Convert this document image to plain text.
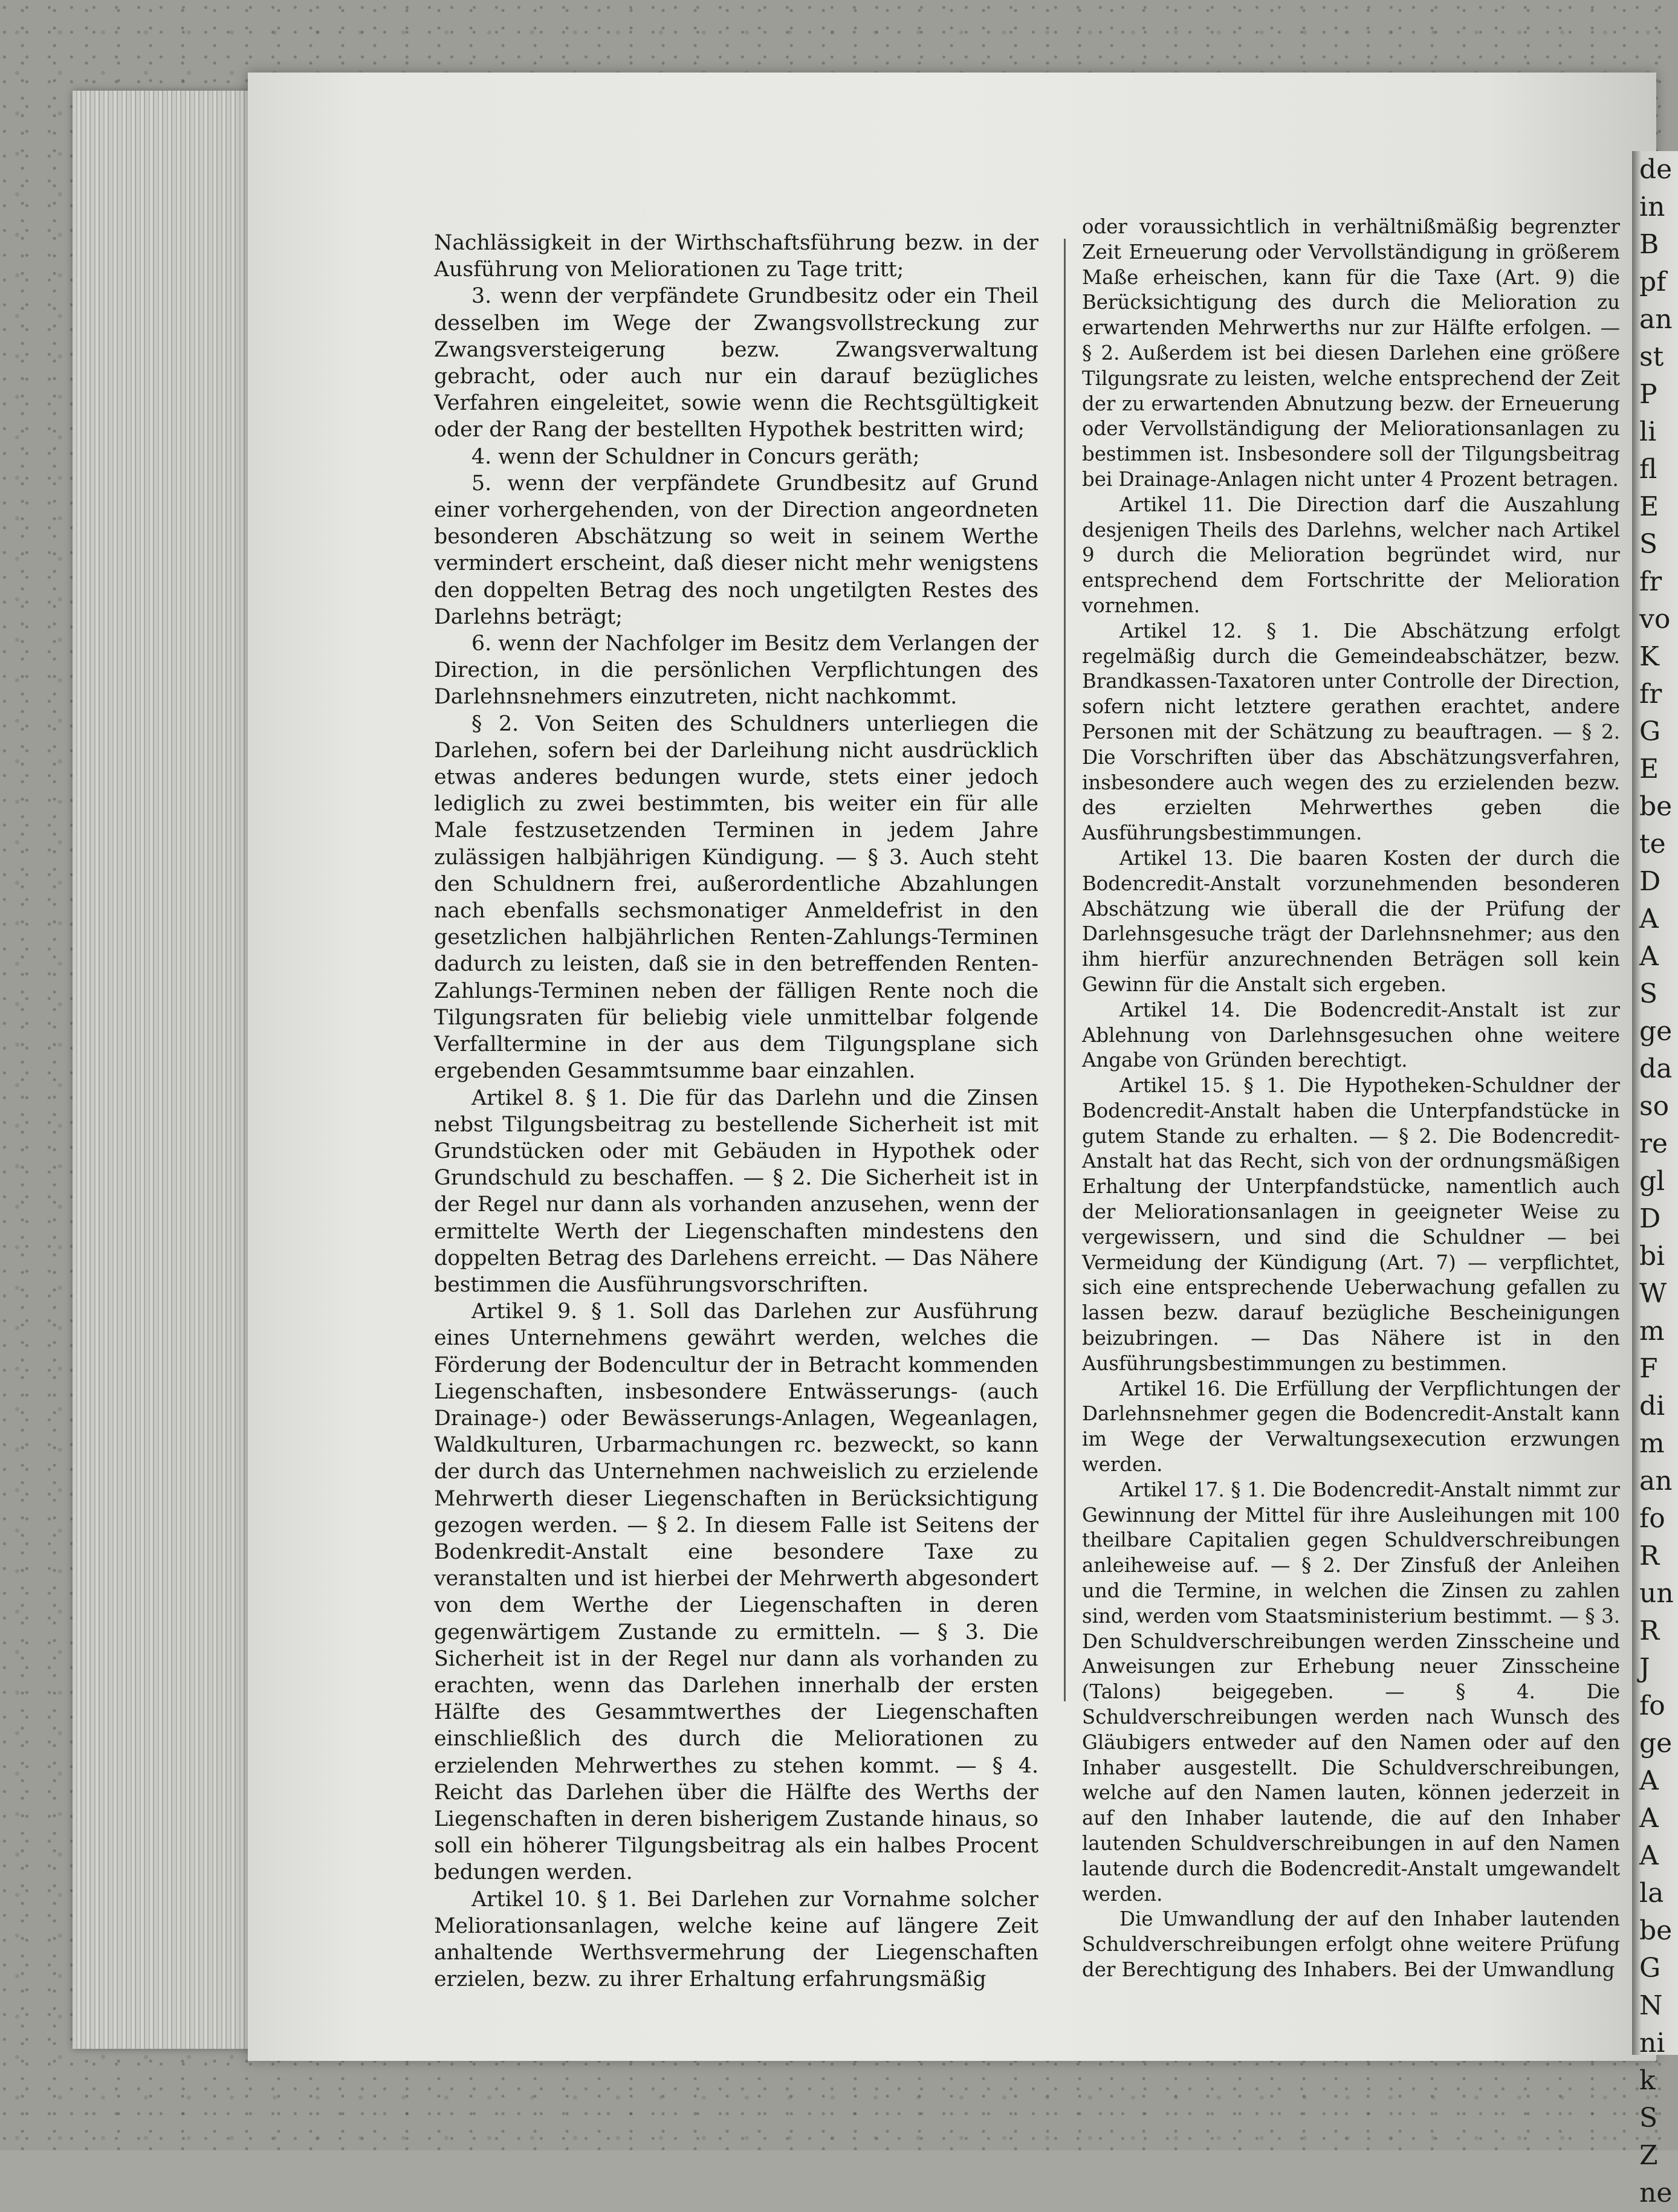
Nachlässigkeit in der Wirthschaftsführung bezw. in der Ausführung von Meliorationen zu Tage tritt;

3. wenn der verpfändete Grundbesitz oder ein Theil desselben im Wege der Zwangsvollstreckung zur Zwangsversteigerung bezw. Zwangsverwaltung gebracht, oder auch nur ein darauf bezügliches Verfahren eingeleitet, sowie wenn die Rechtsgültigkeit oder der Rang der bestellten Hypothek bestritten wird;

4. wenn der Schuldner in Concurs geräth;

5. wenn der verpfändete Grundbesitz auf Grund einer vorhergehenden, von der Direction angeordneten besonderen Abschätzung so weit in seinem Werthe vermindert erscheint, daß dieser nicht mehr wenigstens den doppelten Betrag des noch ungetilgten Restes des Darlehns beträgt;

6. wenn der Nachfolger im Besitz dem Verlangen der Direction, in die persönlichen Verpflichtungen des Darlehnsnehmers einzutreten, nicht nachkommt.

§ 2. Von Seiten des Schuldners unterliegen die Darlehen, sofern bei der Darleihung nicht ausdrücklich etwas anderes bedungen wurde, stets einer jedoch lediglich zu zwei bestimmten, bis weiter ein für alle Male festzusetzenden Terminen in jedem Jahre zulässigen halbjährigen Kündigung. — § 3. Auch steht den Schuldnern frei, außerordentliche Abzahlungen nach ebenfalls sechsmonatiger Anmeldefrist in den gesetzlichen halbjährlichen Renten-Zahlungs-Terminen dadurch zu leisten, daß sie in den betreffenden Renten-Zahlungs-Terminen neben der fälligen Rente noch die Tilgungsraten für beliebig viele unmittelbar folgende Verfalltermine in der aus dem Tilgungsplane sich ergebenden Gesammtsumme baar einzahlen.

Artikel 8. § 1. Die für das Darlehn und die Zinsen nebst Tilgungsbeitrag zu bestellende Sicherheit ist mit Grundstücken oder mit Gebäuden in Hypothek oder Grundschuld zu beschaffen. — § 2. Die Sicherheit ist in der Regel nur dann als vorhanden anzusehen, wenn der ermittelte Werth der Liegenschaften mindestens den doppelten Betrag des Darlehens erreicht. — Das Nähere bestimmen die Ausführungsvorschriften.

Artikel 9. § 1. Soll das Darlehen zur Ausführung eines Unternehmens gewährt werden, welches die Förderung der Bodencultur der in Betracht kommenden Liegenschaften, insbesondere Entwässerungs- (auch Drainage-) oder Bewässerungs-Anlagen, Wegeanlagen, Waldkulturen, Urbarmachungen rc. bezweckt, so kann der durch das Unternehmen nachweislich zu erzielende Mehrwerth dieser Liegenschaften in Berücksichtigung gezogen werden. — § 2. In diesem Falle ist Seitens der Bodenkredit-Anstalt eine besondere Taxe zu veranstalten und ist hierbei der Mehrwerth abgesondert von dem Werthe der Liegenschaften in deren gegenwärtigem Zustande zu ermitteln. — § 3. Die Sicherheit ist in der Regel nur dann als vorhanden zu erachten, wenn das Darlehen innerhalb der ersten Hälfte des Gesammtwerthes der Liegenschaften einschließlich des durch die Meliorationen zu erzielenden Mehrwerthes zu stehen kommt. — § 4. Reicht das Darlehen über die Hälfte des Werths der Liegenschaften in deren bisherigem Zustande hinaus, so soll ein höherer Tilgungsbeitrag als ein halbes Procent bedungen werden.

Artikel 10. § 1. Bei Darlehen zur Vornahme solcher Meliorationsanlagen, welche keine auf längere Zeit anhaltende Werthsvermehrung der Liegenschaften erzielen, bezw. zu ihrer Erhaltung erfahrungsmäßig

oder voraussichtlich in verhältnißmäßig begrenzter Zeit Erneuerung oder Vervollständigung in größerem Maße erheischen, kann für die Taxe (Art. 9) die Berücksichtigung des durch die Melioration zu erwartenden Mehrwerths nur zur Hälfte erfolgen. — § 2. Außerdem ist bei diesen Darlehen eine größere Tilgungsrate zu leisten, welche entsprechend der Zeit der zu erwartenden Abnutzung bezw. der Erneuerung oder Vervollständigung der Meliorationsanlagen zu bestimmen ist. Insbesondere soll der Tilgungsbeitrag bei Drainage-Anlagen nicht unter 4 Prozent betragen.

Artikel 11. Die Direction darf die Auszahlung desjenigen Theils des Darlehns, welcher nach Artikel 9 durch die Melioration begründet wird, nur entsprechend dem Fortschritte der Melioration vornehmen.

Artikel 12. § 1. Die Abschätzung erfolgt regelmäßig durch die Gemeindeabschätzer, bezw. Brandkassen-Taxatoren unter Controlle der Direction, sofern nicht letztere gerathen erachtet, andere Personen mit der Schätzung zu beauftragen. — § 2. Die Vorschriften über das Abschätzungsverfahren, insbesondere auch wegen des zu erzielenden bezw. des erzielten Mehrwerthes geben die Ausführungsbestimmungen.

Artikel 13. Die baaren Kosten der durch die Bodencredit-Anstalt vorzunehmenden besonderen Abschätzung wie überall die der Prüfung der Darlehnsgesuche trägt der Darlehnsnehmer; aus den ihm hierfür anzurechnenden Beträgen soll kein Gewinn für die Anstalt sich ergeben.

Artikel 14. Die Bodencredit-Anstalt ist zur Ablehnung von Darlehnsgesuchen ohne weitere Angabe von Gründen berechtigt.

Artikel 15. § 1. Die Hypotheken-Schuldner der Bodencredit-Anstalt haben die Unterpfandstücke in gutem Stande zu erhalten. — § 2. Die Bodencredit-Anstalt hat das Recht, sich von der ordnungsmäßigen Erhaltung der Unterpfandstücke, namentlich auch der Meliorationsanlagen in geeigneter Weise zu vergewissern, und sind die Schuldner — bei Vermeidung der Kündigung (Art. 7) — verpflichtet, sich eine entsprechende Ueberwachung gefallen zu lassen bezw. darauf bezügliche Bescheinigungen beizubringen. — Das Nähere ist in den Ausführungsbestimmungen zu bestimmen.

Artikel 16. Die Erfüllung der Verpflichtungen der Darlehnsnehmer gegen die Bodencredit-Anstalt kann im Wege der Verwaltungsexecution erzwungen werden.

Artikel 17. § 1. Die Bodencredit-Anstalt nimmt zur Gewinnung der Mittel für ihre Ausleihungen mit 100 theilbare Capitalien gegen Schuldverschreibungen anleiheweise auf. — § 2. Der Zinsfuß der Anleihen und die Termine, in welchen die Zinsen zu zahlen sind, werden vom Staatsministerium bestimmt. — § 3. Den Schuldverschreibungen werden Zinsscheine und Anweisungen zur Erhebung neuer Zinsscheine (Talons) beigegeben. — § 4. Die Schuldverschreibungen werden nach Wunsch des Gläubigers entweder auf den Namen oder auf den Inhaber ausgestellt. Die Schuldverschreibungen, welche auf den Namen lauten, können jederzeit in auf den Inhaber lautende, die auf den Inhaber lautenden Schuldverschreibungen in auf den Namen lautende durch die Bodencredit-Anstalt umgewandelt werden.

Die Umwandlung der auf den Inhaber lautenden Schuldverschreibungen erfolgt ohne weitere Prüfung der Berechtigung des Inhabers. Bei der Umwandlung

de
in
B
pf
an
st
P
li
fl
E
S
fr
vo
K
fr
G
E
be
te
D
A
A
S
ge
da
so
re
gl
D
bi
W
m
F
di
m
an
fo
R
un
R
J
fo
ge
A
A
A
la
be
G
N
ni
k
S
Z
ne
